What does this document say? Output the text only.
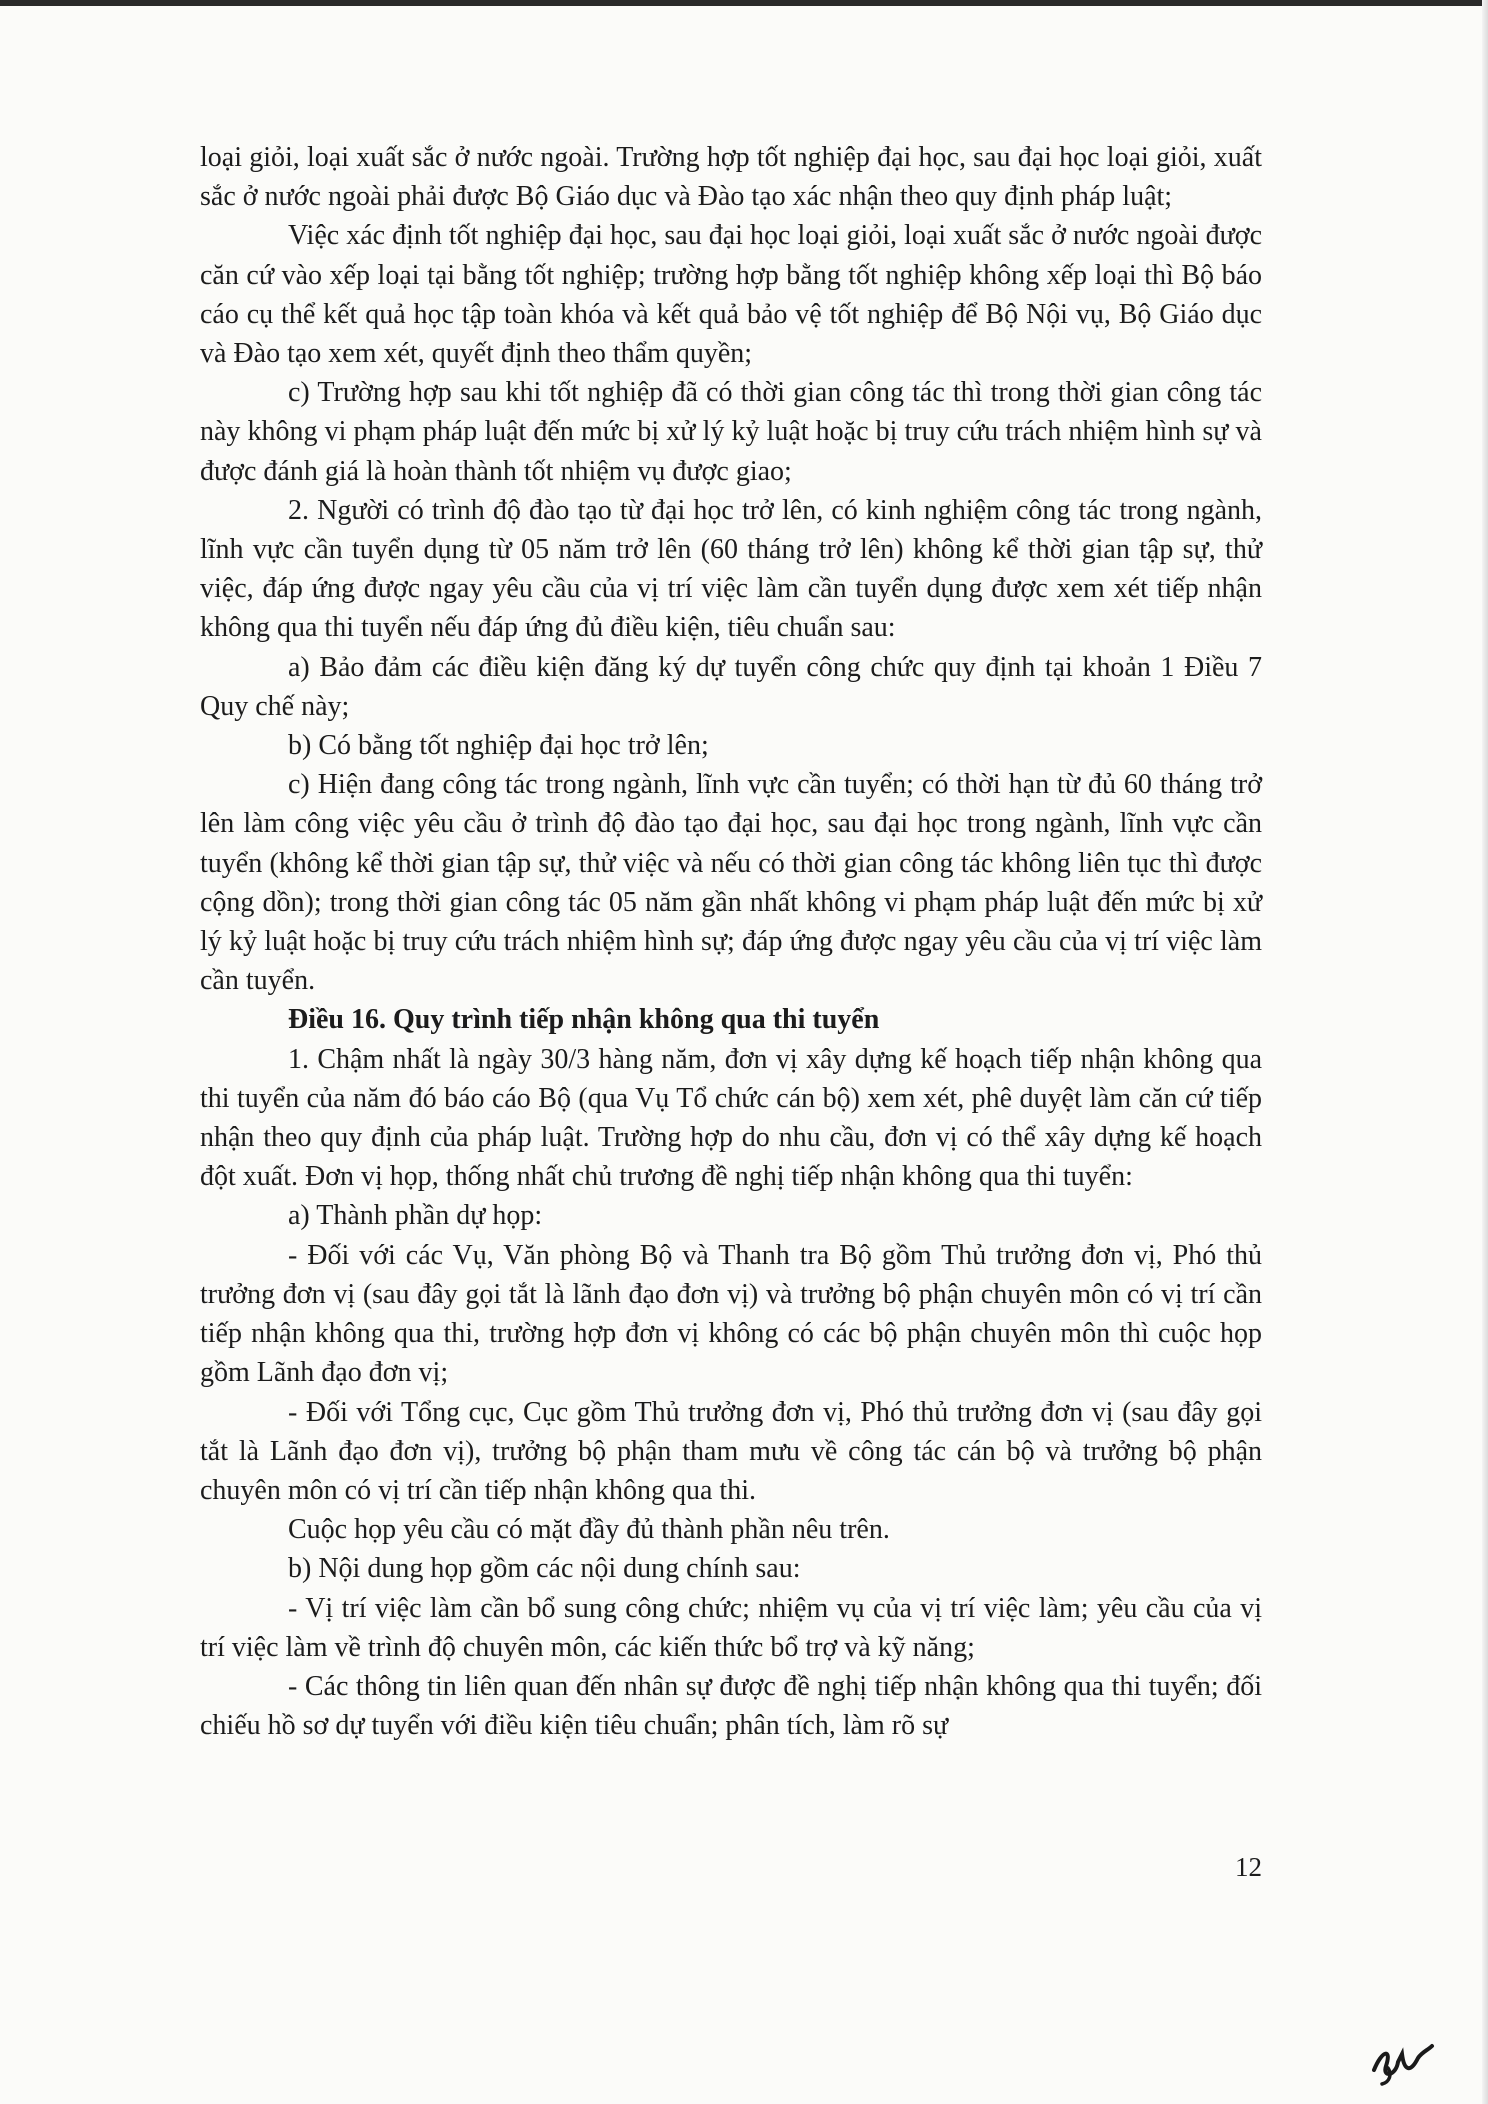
loại giỏi, loại xuất sắc ở nước ngoài. Trường hợp tốt nghiệp đại học, sau đại học loại giỏi, xuất sắc ở nước ngoài phải được Bộ Giáo dục và Đào tạo xác nhận theo quy định pháp luật;

Việc xác định tốt nghiệp đại học, sau đại học loại giỏi, loại xuất sắc ở nước ngoài được căn cứ vào xếp loại tại bằng tốt nghiệp; trường hợp bằng tốt nghiệp không xếp loại thì Bộ báo cáo cụ thể kết quả học tập toàn khóa và kết quả bảo vệ tốt nghiệp để Bộ Nội vụ, Bộ Giáo dục và Đào tạo xem xét, quyết định theo thẩm quyền;

c) Trường hợp sau khi tốt nghiệp đã có thời gian công tác thì trong thời gian công tác này không vi phạm pháp luật đến mức bị xử lý kỷ luật hoặc bị truy cứu trách nhiệm hình sự và được đánh giá là hoàn thành tốt nhiệm vụ được giao;

2. Người có trình độ đào tạo từ đại học trở lên, có kinh nghiệm công tác trong ngành, lĩnh vực cần tuyển dụng từ 05 năm trở lên (60 tháng trở lên) không kể thời gian tập sự, thử việc, đáp ứng được ngay yêu cầu của vị trí việc làm cần tuyển dụng được xem xét tiếp nhận không qua thi tuyển nếu đáp ứng đủ điều kiện, tiêu chuẩn sau:

a) Bảo đảm các điều kiện đăng ký dự tuyển công chức quy định tại khoản 1 Điều 7 Quy chế này;

b) Có bằng tốt nghiệp đại học trở lên;

c) Hiện đang công tác trong ngành, lĩnh vực cần tuyển; có thời hạn từ đủ 60 tháng trở lên làm công việc yêu cầu ở trình độ đào tạo đại học, sau đại học trong ngành, lĩnh vực cần tuyển (không kể thời gian tập sự, thử việc và nếu có thời gian công tác không liên tục thì được cộng dồn); trong thời gian công tác 05 năm gần nhất không vi phạm pháp luật đến mức bị xử lý kỷ luật hoặc bị truy cứu trách nhiệm hình sự; đáp ứng được ngay yêu cầu của vị trí việc làm cần tuyển.

Điều 16. Quy trình tiếp nhận không qua thi tuyển

1. Chậm nhất là ngày 30/3 hàng năm, đơn vị xây dựng kế hoạch tiếp nhận không qua thi tuyển của năm đó báo cáo Bộ (qua Vụ Tổ chức cán bộ) xem xét, phê duyệt làm căn cứ tiếp nhận theo quy định của pháp luật. Trường hợp do nhu cầu, đơn vị có thể xây dựng kế hoạch đột xuất. Đơn vị họp, thống nhất chủ trương đề nghị tiếp nhận không qua thi tuyển:

a) Thành phần dự họp:

- Đối với các Vụ, Văn phòng Bộ và Thanh tra Bộ gồm Thủ trưởng đơn vị, Phó thủ trưởng đơn vị (sau đây gọi tắt là lãnh đạo đơn vị) và trưởng bộ phận chuyên môn có vị trí cần tiếp nhận không qua thi, trường hợp đơn vị không có các bộ phận chuyên môn thì cuộc họp gồm Lãnh đạo đơn vị;

- Đối với Tổng cục, Cục gồm Thủ trưởng đơn vị, Phó thủ trưởng đơn vị (sau đây gọi tắt là Lãnh đạo đơn vị), trưởng bộ phận tham mưu về công tác cán bộ và trưởng bộ phận chuyên môn có vị trí cần tiếp nhận không qua thi.

Cuộc họp yêu cầu có mặt đầy đủ thành phần nêu trên.

b) Nội dung họp gồm các nội dung chính sau:

- Vị trí việc làm cần bổ sung công chức; nhiệm vụ của vị trí việc làm; yêu cầu của vị trí việc làm về trình độ chuyên môn, các kiến thức bổ trợ và kỹ năng;

- Các thông tin liên quan đến nhân sự được đề nghị tiếp nhận không qua thi tuyển; đối chiếu hồ sơ dự tuyển với điều kiện tiêu chuẩn; phân tích, làm rõ sự

12
